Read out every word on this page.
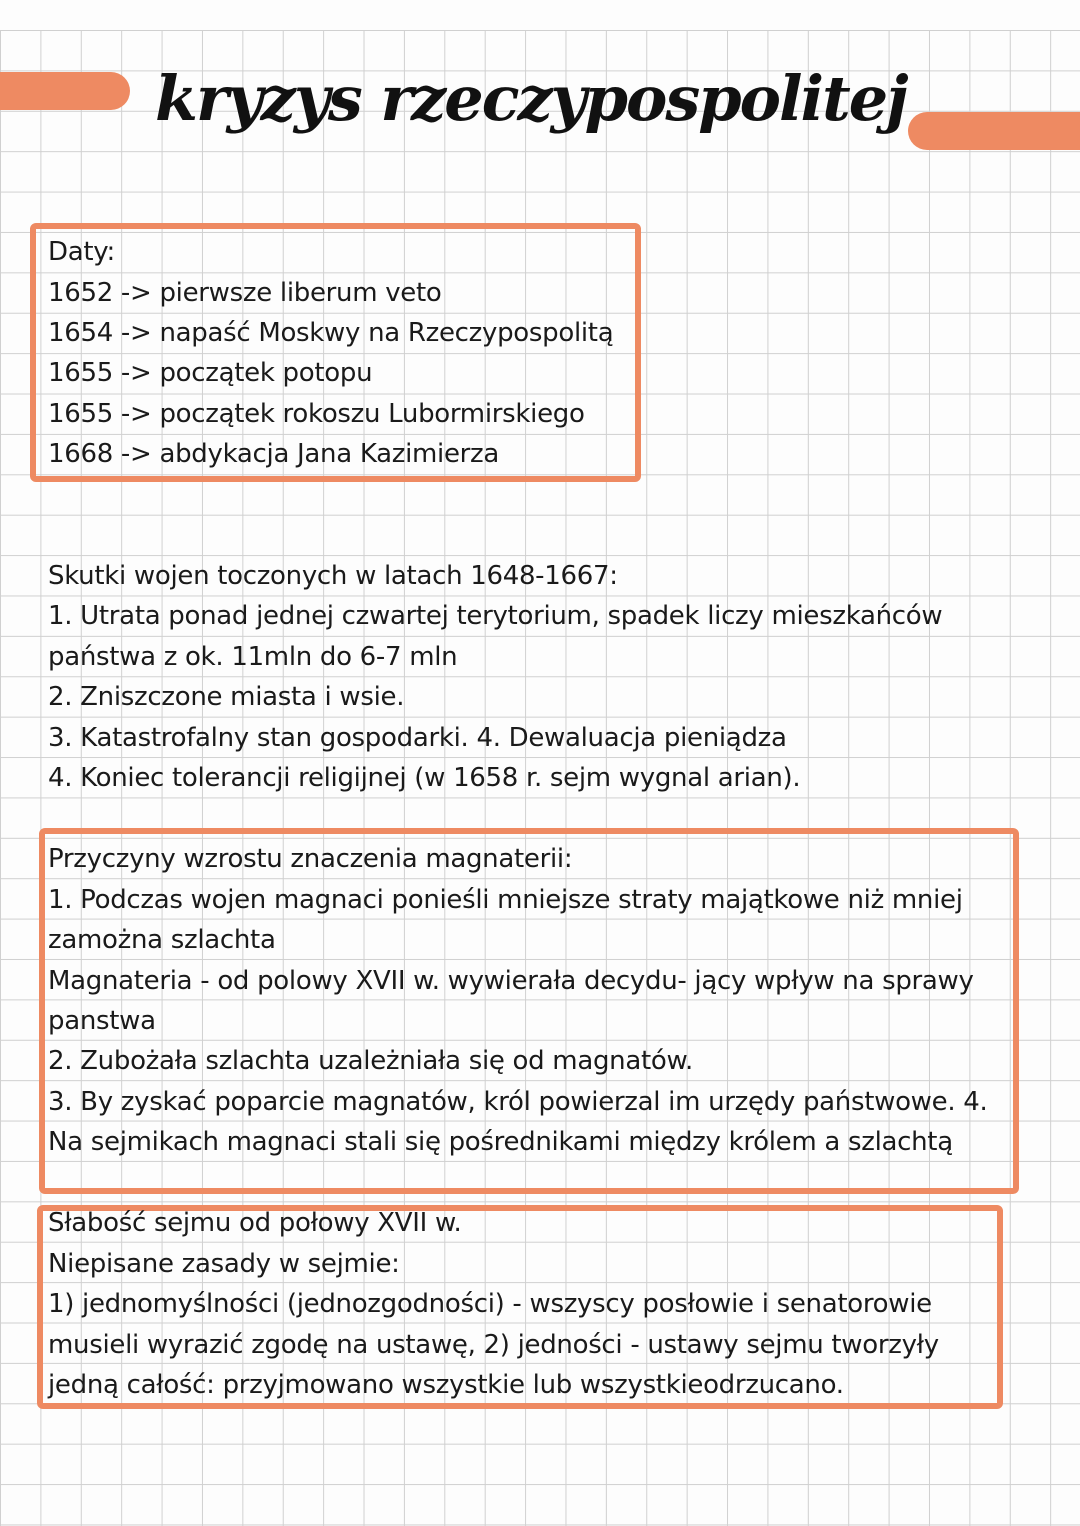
kryzys rzeczypospolitej
Daty:
1652 -> pierwsze liberum veto
1654 -> napaść Moskwy na Rzeczypospolitą
1655 -> początek potopu
1655 -> początek rokoszu Lubormirskiego
1668 -> abdykacja Jana Kazimierza
Skutki wojen toczonych w latach 1648-1667:
1. Utrata ponad jednej czwartej terytorium, spadek liczy mieszkańców
państwa z ok. 11mln do 6-7 mln
2. Zniszczone miasta i wsie.
3. Katastrofalny stan gospodarki. 4. Dewaluacja pieniądza
4. Koniec tolerancji religijnej (w 1658 r. sejm wygnal arian).
Przyczyny wzrostu znaczenia magnaterii:
1. Podczas wojen magnaci ponieśli mniejsze straty majątkowe niż mniej
zamożna szlachta
Magnateria - od polowy XVII w. wywierała decydu- jący wpływ na sprawy
panstwa
2. Zubożała szlachta uzależniała się od magnatów.
3. By zyskać poparcie magnatów, król powierzal im urzędy państwowe. 4.
Na sejmikach magnaci stali się pośrednikami między królem a szlachtą
Słabość sejmu od połowy XVII w.
Niepisane zasady w sejmie:
1) jednomyślności (jednozgodności) - wszyscy posłowie i senatorowie
musieli wyrazić zgodę na ustawę, 2) jedności - ustawy sejmu tworzyły
jedną całość: przyjmowano wszystkie lub wszystkieodrzucano.
